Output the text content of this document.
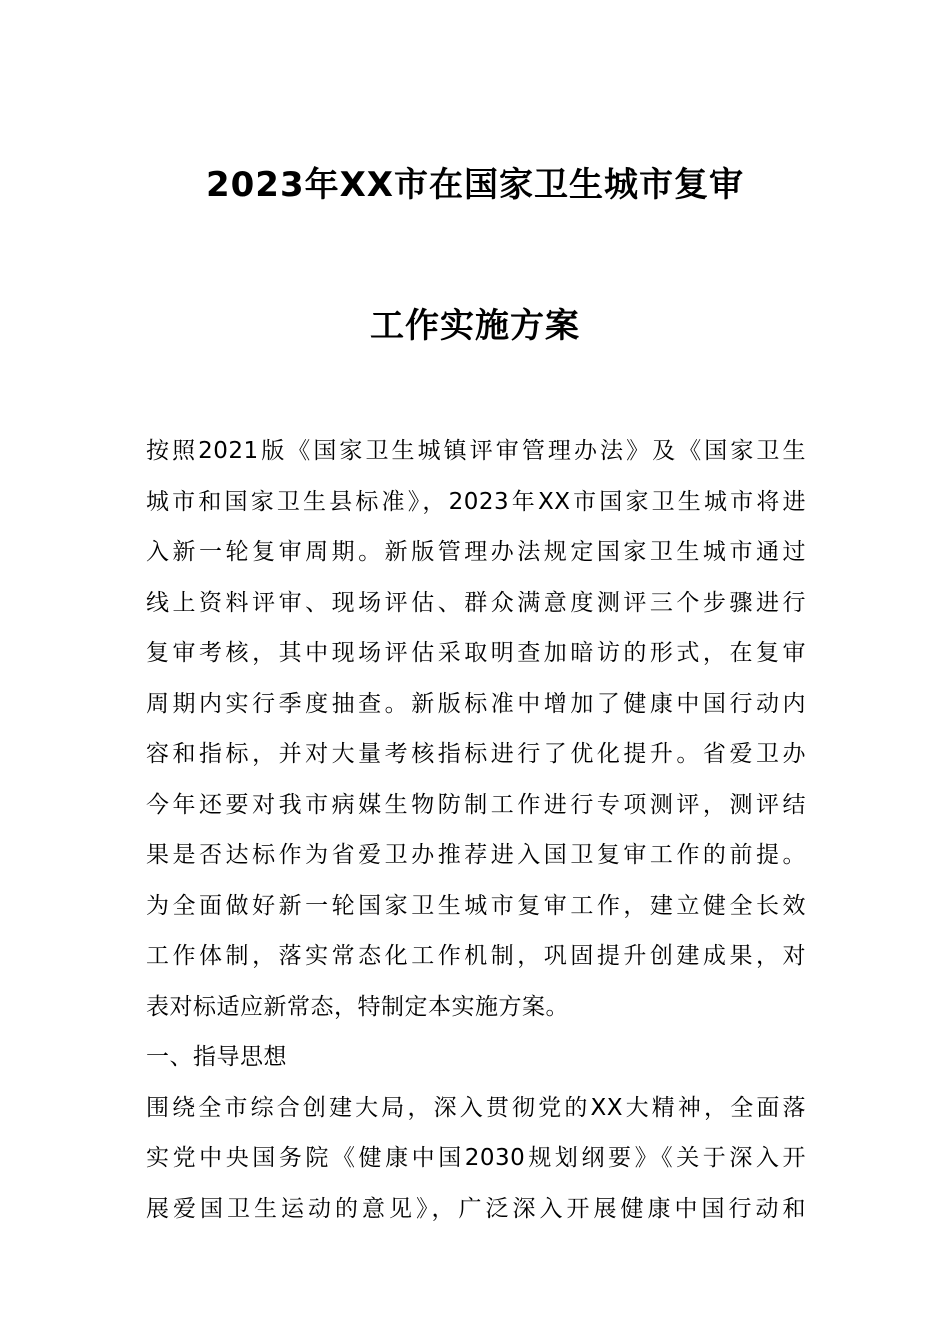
2023年XX市在国家卫生城市复审
工作实施方案
按照2021版《国家卫生城镇评审管理办法》及《国家卫生
城市和国家卫生县标准》，2023年XX市国家卫生城市将进
入新一轮复审周期。新版管理办法规定国家卫生城市通过
线上资料评审、现场评估、群众满意度测评三个步骤进行
复审考核，其中现场评估采取明查加暗访的形式，在复审
周期内实行季度抽查。新版标准中增加了健康中国行动内
容和指标，并对大量考核指标进行了优化提升。省爱卫办
今年还要对我市病媒生物防制工作进行专项测评，测评结
果是否达标作为省爱卫办推荐进入国卫复审工作的前提。
为全面做好新一轮国家卫生城市复审工作，建立健全长效
工作体制，落实常态化工作机制，巩固提升创建成果，对
表对标适应新常态，特制定本实施方案。
一、指导思想
围绕全市综合创建大局，深入贯彻党的XX大精神，全面落
实党中央国务院《健康中国2030规划纲要》《关于深入开
展爱国卫生运动的意见》，广泛深入开展健康中国行动和
